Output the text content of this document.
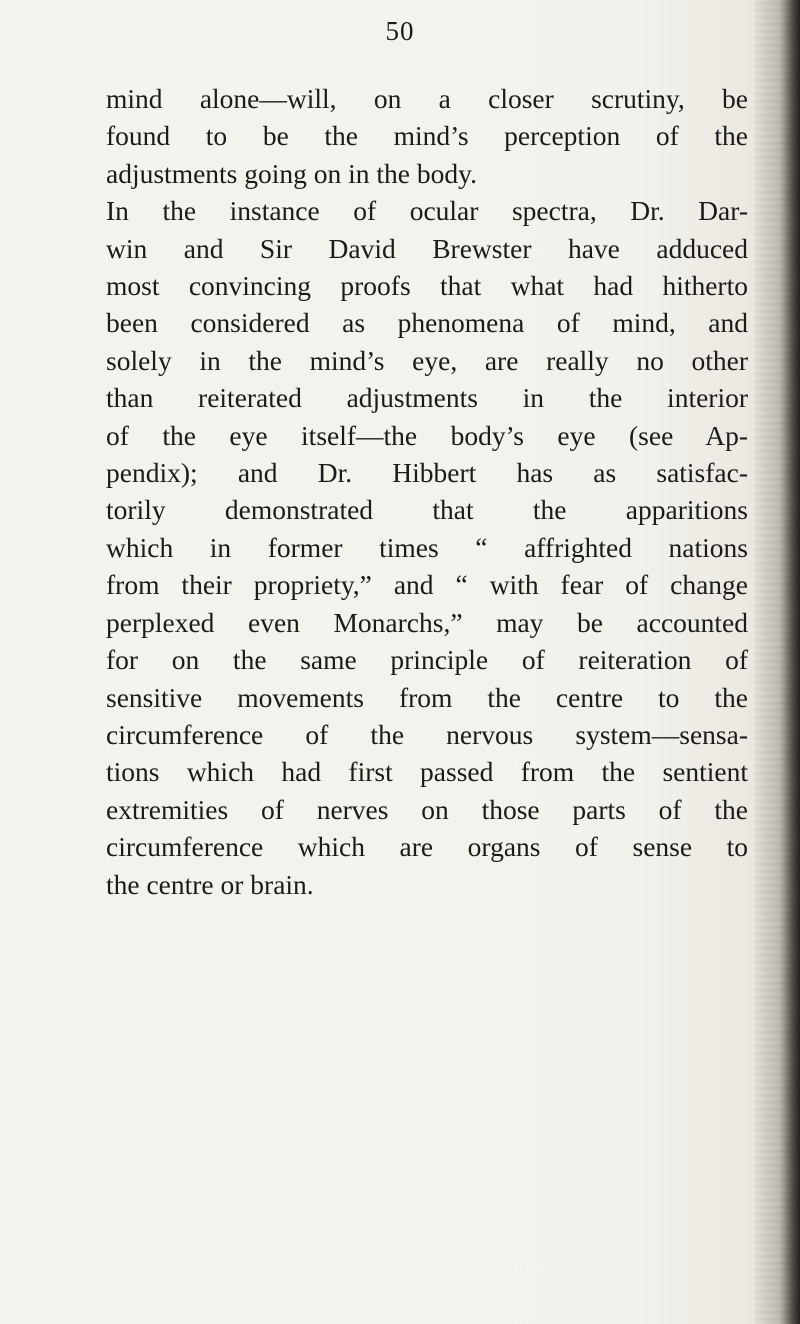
50
mind alone—will, on a closer scrutiny, be
found to be the mind’s perception of the
adjustments going on in the body.
In the instance of ocular spectra, Dr. Dar-
win and Sir David Brewster have adduced
most convincing proofs that what had hitherto
been considered as phenomena of mind, and
solely in the mind’s eye, are really no other
than reiterated adjustments in the interior
of the eye itself—the body’s eye (see Ap-
pendix); and Dr. Hibbert has as satisfac-
torily demonstrated that the apparitions
which in former times “ affrighted nations
from their propriety,” and “ with fear of change
perplexed even Monarchs,” may be accounted
for on the same principle of reiteration of
sensitive movements from the centre to the
circumference of the nervous system—sensa-
tions which had first passed from the sentient
extremities of nerves on those parts of the
circumference which are organs of sense to
the centre or brain.
